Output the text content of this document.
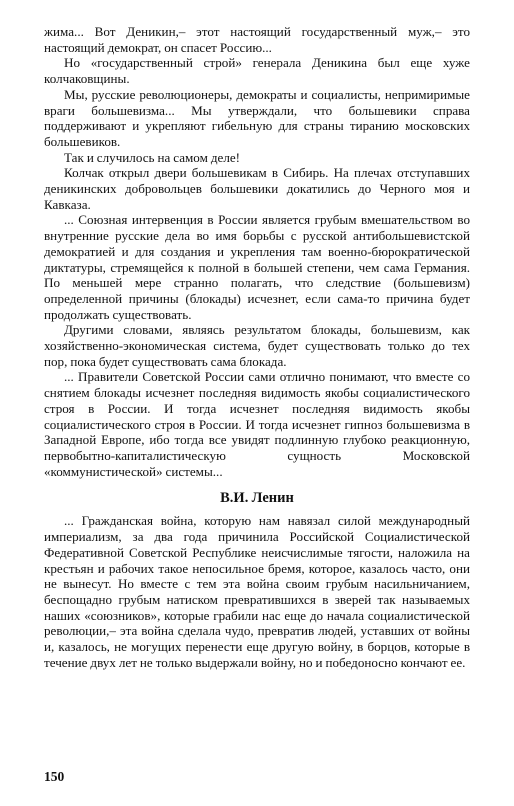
жима... Вот Деникин,– этот настоящий государственный муж,– это настоящий демократ, он спасет Россию...

Но «государственный строй» генерала Деникина был еще хуже колчаковщины.

Мы, русские революционеры, демократы и социалисты, непримиримые враги большевизма... Мы утверждали, что большевики справа поддерживают и укрепляют гибельную для страны тиранию московских большевиков.

Так и случилось на самом деле!

Колчак открыл двери большевикам в Сибирь. На плечах отступавших деникинских добровольцев большевики докатились до Черного моя и Кавказа.

... Союзная интервенция в России является грубым вмешательством во внутренние русские дела во имя борьбы с русской антибольшевистской демократией и для создания и укрепления там военно-бюрократической диктатуры, стремящейся к полной в большей степени, чем сама Германия. По меньшей мере странно полагать, что следствие (большевизм) определенной причины (блокады) исчезнет, если сама-то причина будет продолжать существовать.

Другими словами, являясь результатом блокады, большевизм, как хозяйственно-экономическая система, будет существовать только до тех пор, пока будет существовать сама блокада.

... Правители Советской России сами отлично понимают, что вместе со снятием блокады исчезнет последняя видимость якобы социалистического строя в России. И тогда исчезнет последняя видимость якобы социалистического строя в России. И тогда исчезнет гипноз большевизма в Западной Европе, ибо тогда все увидят подлинную глубоко реакционную, первобытно-капиталистическую сущность Московской «коммунистической» системы...

В.И. Ленин

... Гражданская война, которую нам навязал силой международный империализм, за два года причинила Российской Социалистической Федеративной Советской Республике неисчислимые тягости, наложила на крестьян и рабочих такое непосильное бремя, которое, казалось часто, они не вынесут. Но вместе с тем эта война своим грубым насильничанием, беспощадно грубым натиском превратившихся в зверей так называемых наших «союзников», которые грабили нас еще до начала социалистической революции,– эта война сделала чудо, превратив людей, уставших от войны и, казалось, не могущих перенести еще другую войну, в борцов, которые в течение двух лет не только выдержали войну, но и победоносно кончают ее.

150
